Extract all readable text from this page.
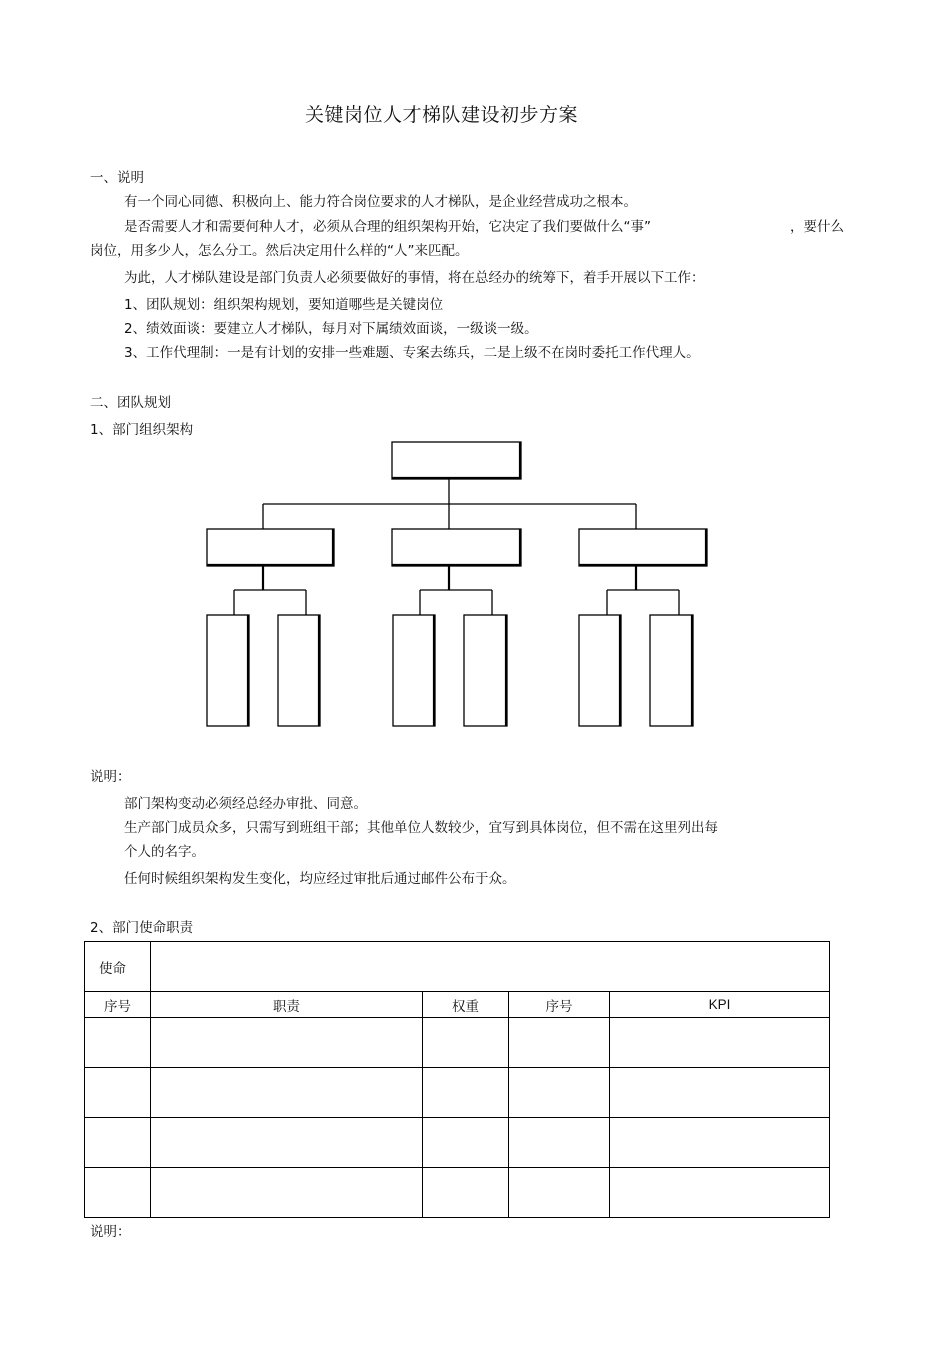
关键岗位人才梯队建设初步方案
一、说明
有一个同心同德、积极向上、能力符合岗位要求的人才梯队，是企业经营成功之根本。
是否需要人才和需要何种人才，必须从合理的组织架构开始，它决定了我们要做什么“事”	，要什么
岗位，用多少人，怎么分工。然后决定用什么样的“人”来匹配。
为此，人才梯队建设是部门负责人必须要做好的事情，将在总经办的统筹下，着手开展以下工作：
1、团队规划：组织架构规划，要知道哪些是关键岗位
2、绩效面谈：要建立人才梯队，每月对下属绩效面谈，一级谈一级。
3、工作代理制：一是有计划的安排一些难题、专案去练兵，二是上级不在岗时委托工作代理人。
二、团队规划
1、部门组织架构
说明：
部门架构变动必须经总经办审批、同意。
生产部门成员众多，只需写到班组干部；其他单位人数较少，宜写到具体岗位，但不需在这里列出每
个人的名字。
任何时候组织架构发生变化，均应经过审批后通过邮件公布于众。
2、部门使命职责
使命				
序号	职责	权重	序号	KPI

说明：
